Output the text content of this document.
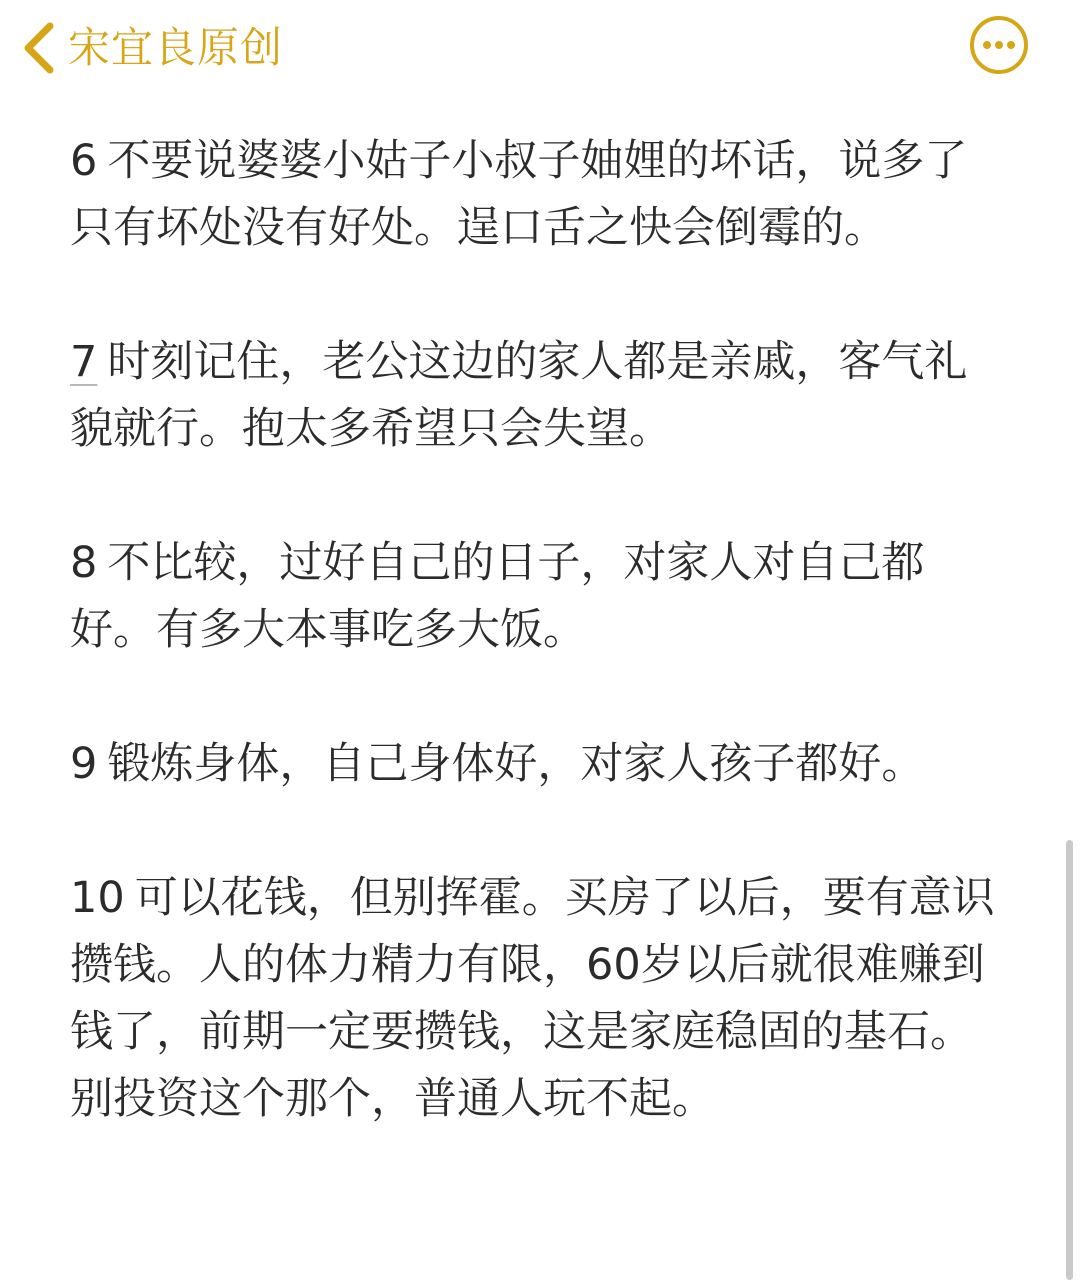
宋宜良原创

6 不要说婆婆小姑子小叔子妯娌的坏话，说多了只有坏处没有好处。逞口舌之快会倒霉的。

7 时刻记住，老公这边的家人都是亲戚，客气礼貌就行。抱太多希望只会失望。

8 不比较，过好自己的日子，对家人对自己都好。有多大本事吃多大饭。

9 锻炼身体，自己身体好，对家人孩子都好。

10 可以花钱，但别挥霍。买房了以后，要有意识攒钱。人的体力精力有限，60岁以后就很难赚到钱了，前期一定要攒钱，这是家庭稳固的基石。别投资这个那个，普通人玩不起。
